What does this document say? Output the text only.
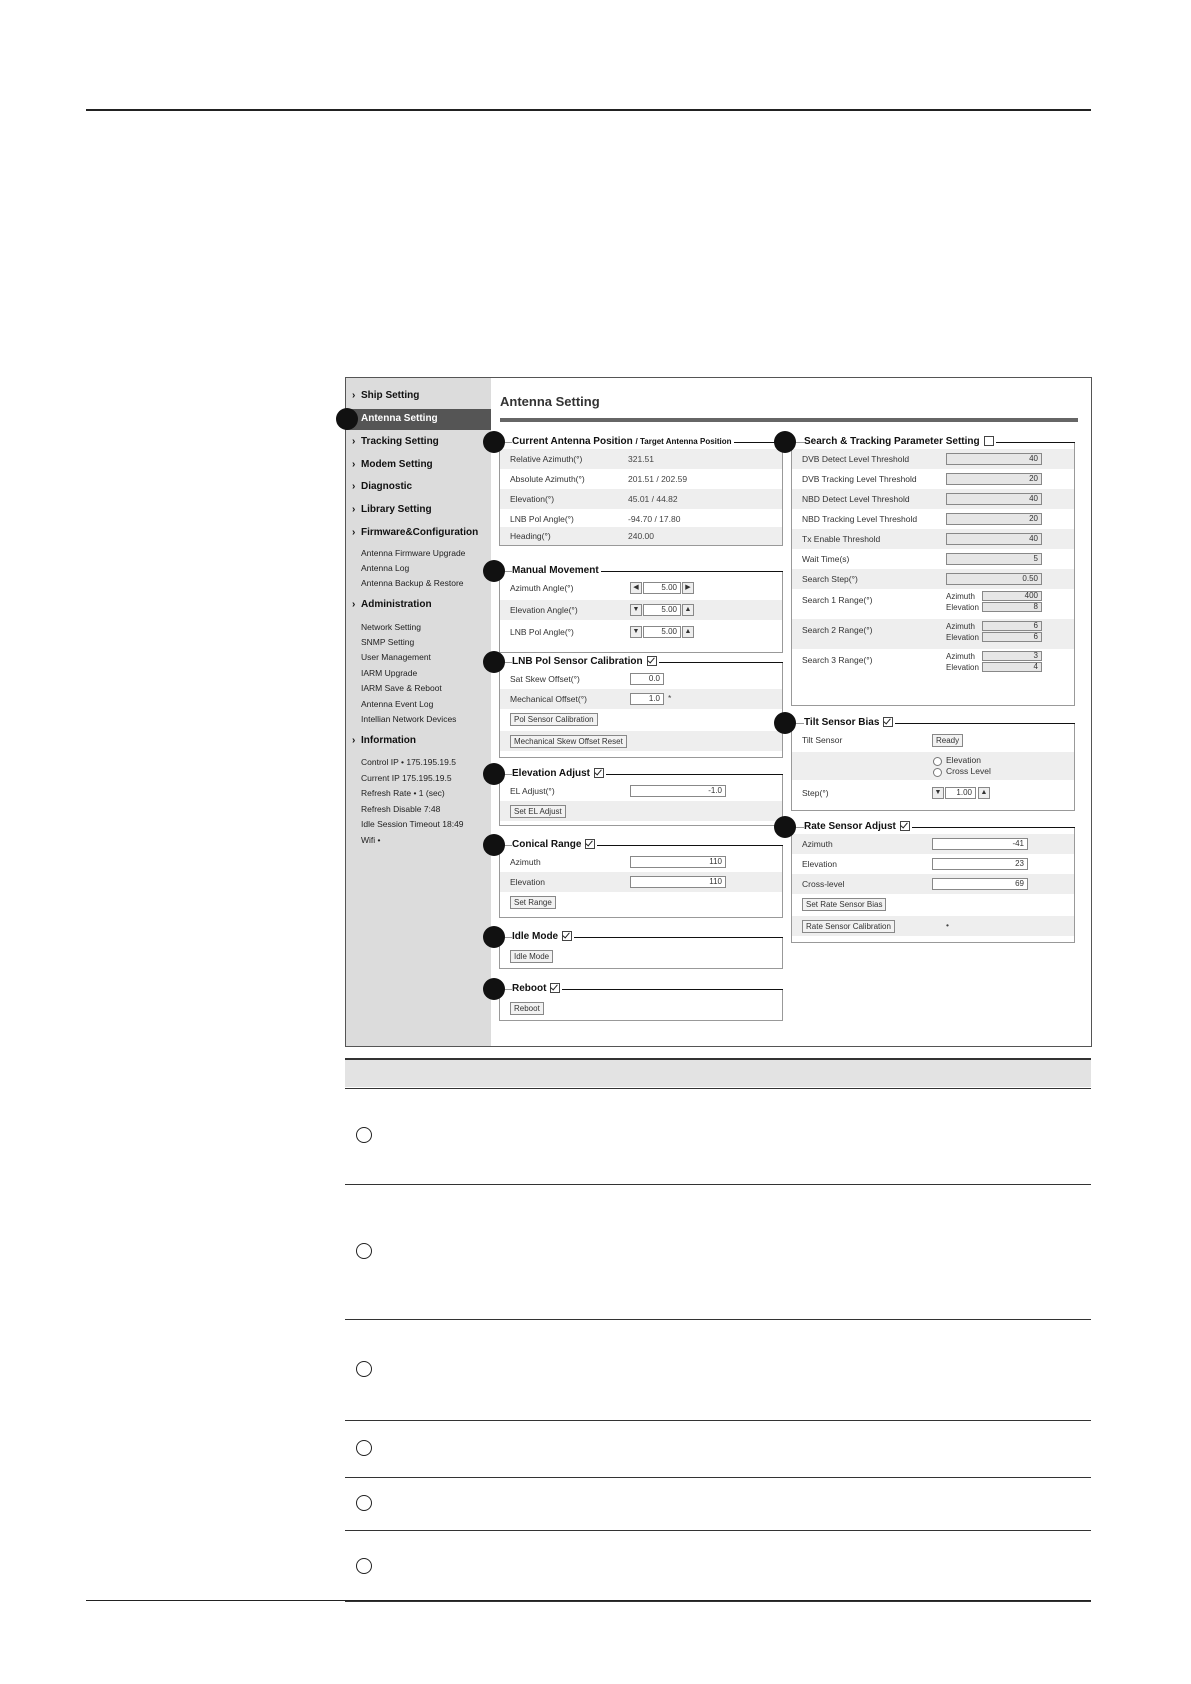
› Ship Setting
Antenna Setting
› Tracking Setting
› Modem Setting
› Diagnostic
› Library Setting
› Firmware&Configuration
Antenna Firmware Upgrade
Antenna Log
Antenna Backup & Restore
› Administration
Network Setting
SNMP Setting
User Management
IARM Upgrade
IARM Save & Reboot
Antenna Event Log
Intellian Network Devices
› Information
Control IP • 175.195.19.5
Current IP 175.195.19.5
Refresh Rate • 1 (sec)
Refresh Disable 7:48
Idle Session Timeout 18:49
Wifi •
Antenna Setting
Current Antenna Position / Target Antenna Position
Relative Azimuth(°)	321.51
Absolute Azimuth(°)	201.51 / 202.59
Elevation(°)	45.01 / 44.82
LNB Pol Angle(°)	-94.70 / 17.80
Heading(°)	240.00
Manual Movement
Azimuth Angle(°)	◀	5.00	▶
Elevation Angle(°)	▼	5.00	▲
LNB Pol Angle(°)	▼	5.00	▲
LNB Pol Sensor Calibration
Sat Skew Offset(°)	0.0
Mechanical Offset(°)	1.0 *
Pol Sensor Calibration
Mechanical Skew Offset Reset
Elevation Adjust
EL Adjust(°)	-1.0
Set EL Adjust
Conical Range
Azimuth	110
Elevation	110
Set Range
Idle Mode
Idle Mode
Reboot
Reboot
Search & Tracking Parameter Setting
DVB Detect Level Threshold	40
DVB Tracking Level Threshold	20
NBD Detect Level Threshold	40
NBD Tracking Level Threshold	20
Tx Enable Threshold	40
Wait Time(s)	5
Search Step(°)	0.50
Search 1 Range(°)	Azimuth	400
Elevation	8
Search 2 Range(°)	Azimuth	6
Elevation	6
Search 3 Range(°)	Azimuth	3
Elevation	4
Tilt Sensor Bias
Tilt Sensor	Ready
Elevation
Cross Level
Step(°)	▼	1.00	▲
Rate Sensor Adjust
Azimuth	-41
Elevation	23
Cross-level	69
Set Rate Sensor Bias
Rate Sensor Calibration	•
